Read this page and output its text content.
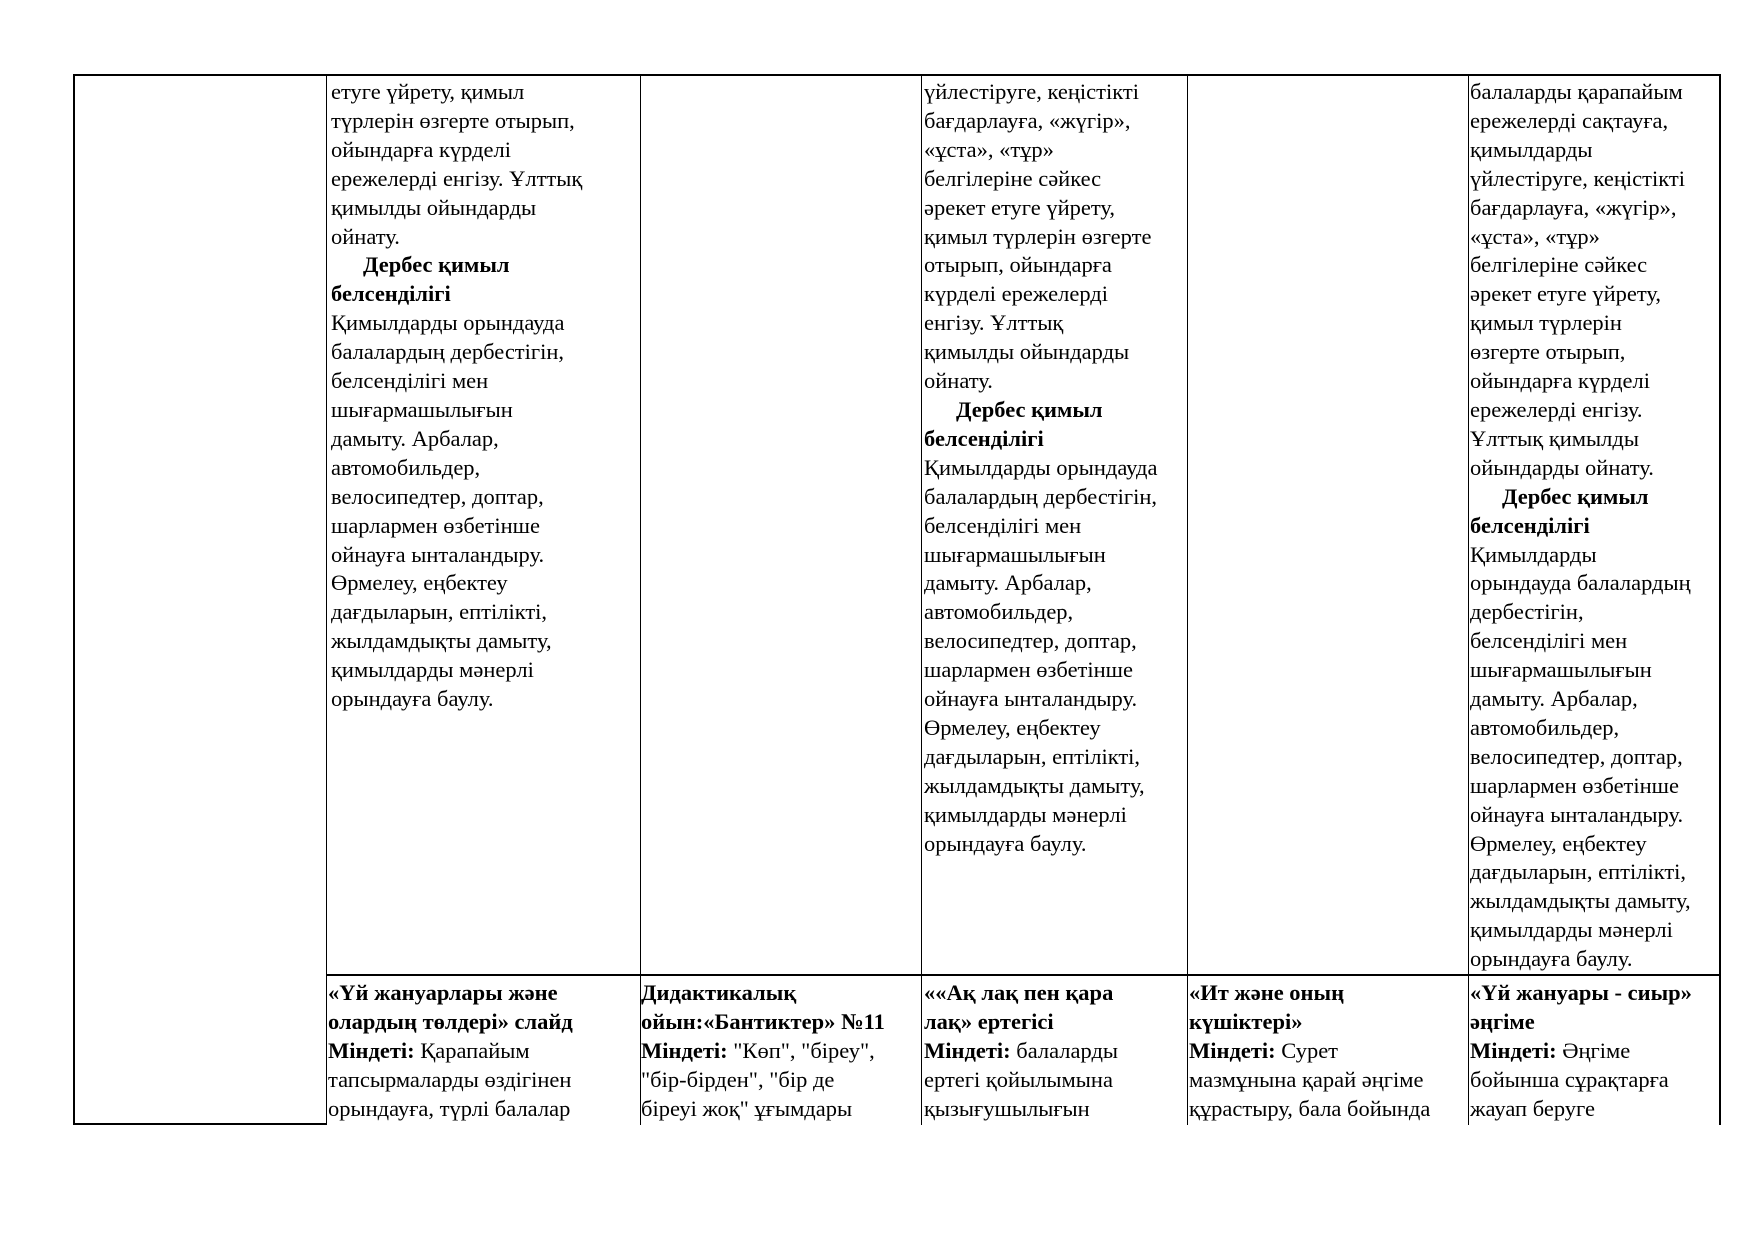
етуге үйрету, қимыл

түрлерін өзгерте отырып,

ойындарға күрделі

ережелерді енгізу. Ұлттық

қимылды ойындарды

ойнату.

Дербес қимыл

белсенділігі

Қимылдарды орындауда

балалардың дербестігін,

белсенділігі мен

шығармашылығын

дамыту. Арбалар,

автомобильдер,

велосипедтер, доптар,

шарлармен өзбетінше

ойнауға ынталандыру.

Өрмелеу, еңбектеу

дағдыларын, ептілікті,

жылдамдықты дамыту,

қимылдарды мәнерлі

орындауға баулу.

үйлестіруге, кеңістікті

бағдарлауға, «жүгір»,

«ұста», «тұр»

белгілеріне сәйкес

әрекет етуге үйрету,

қимыл түрлерін өзгерте

отырып, ойындарға

күрделі ережелерді

енгізу. Ұлттық

қимылды ойындарды

ойнату.

Дербес қимыл

белсенділігі

Қимылдарды орындауда

балалардың дербестігін,

белсенділігі мен

шығармашылығын

дамыту. Арбалар,

автомобильдер,

велосипедтер, доптар,

шарлармен өзбетінше

ойнауға ынталандыру.

Өрмелеу, еңбектеу

дағдыларын, ептілікті,

жылдамдықты дамыту,

қимылдарды мәнерлі

орындауға баулу.

балаларды қарапайым

ережелерді сақтауға,

қимылдарды

үйлестіруге, кеңістікті

бағдарлауға, «жүгір»,

«ұста», «тұр»

белгілеріне сәйкес

әрекет етуге үйрету,

қимыл түрлерін

өзгерте отырып,

ойындарға күрделі

ережелерді енгізу.

Ұлттық қимылды

ойындарды ойнату.

Дербес қимыл

белсенділігі

Қимылдарды

орындауда балалардың

дербестігін,

белсенділігі мен

шығармашылығын

дамыту. Арбалар,

автомобильдер,

велосипедтер, доптар,

шарлармен өзбетінше

ойнауға ынталандыру.

Өрмелеу, еңбектеу

дағдыларын, ептілікті,

жылдамдықты дамыту,

қимылдарды мәнерлі

орындауға баулу.

«Үй жануарлары және

олардың төлдері» слайд

Міндеті: Қарапайым

тапсырмаларды өздігінен

орындауға, түрлі балалар

Дидактикалық

ойын:«Бантиктер» №11

Міндеті: "Көп", "біреу",

"бір-бірден", "бір де

біреуі жоқ" ұғымдары

««Ақ лақ пен қара

лақ» ертегісі

Міндеті: балаларды

ертегі қойылымына

қызығушылығын

«Ит және оның

күшіктері»

Міндеті: Сурет

мазмұнына қарай әңгіме

құрастыру, бала бойында

«Үй жануары - сиыр»

әңгіме

Міндеті: Әңгіме

бойынша сұрақтарға

жауап беруге
